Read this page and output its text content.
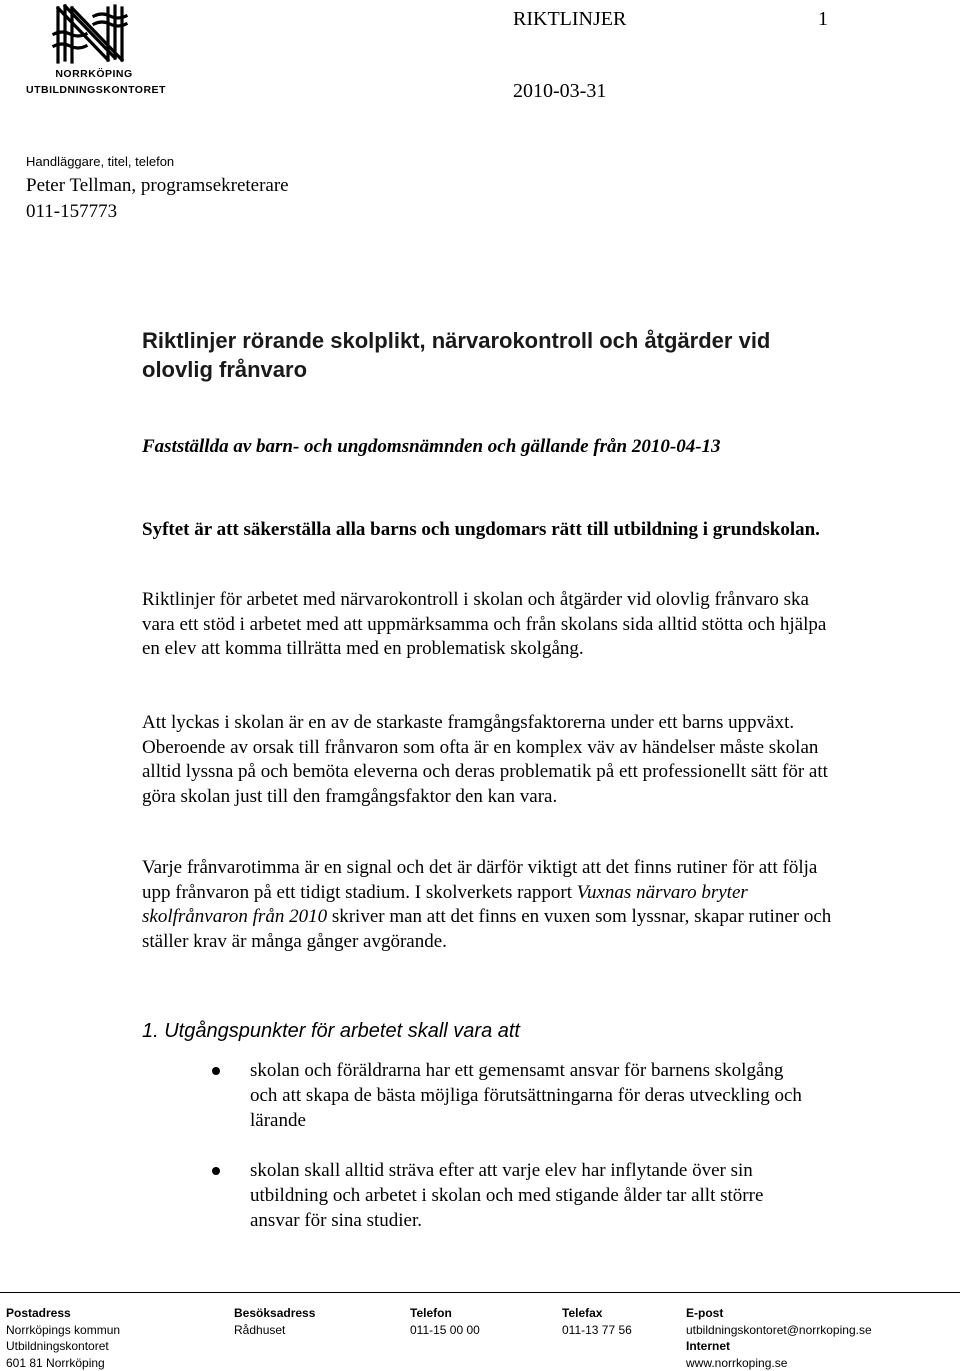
NORRKÖPING
UTBILDNINGSKONTORET
RIKTLINJER	1
2010-03-31
Handläggare, titel, telefon
Peter Tellman, programsekreterare
011-157773
Riktlinjer rörande skolplikt, närvarokontroll och åtgärder vid olovlig frånvaro
Fastställda av barn- och ungdomsnämnden och gällande från 2010-04-13
Syftet är att säkerställa alla barns och ungdomars rätt till utbildning i grundskolan.
Riktlinjer för arbetet med närvarokontroll i skolan och åtgärder vid olovlig frånvaro ska vara ett stöd i arbetet med att uppmärksamma och från skolans sida alltid stötta och hjälpa en elev att komma tillrätta med en problematisk skolgång.
Att lyckas i skolan är en av de starkaste framgångsfaktorerna under ett barns uppväxt. Oberoende av orsak till frånvaron som ofta är en komplex väv av händelser måste skolan alltid lyssna på och bemöta eleverna och deras problematik på ett professionellt sätt för att göra skolan just till den framgångsfaktor den kan vara.
Varje frånvarotimma är en signal och det är därför viktigt att det finns rutiner för att följa upp frånvaron på ett tidigt stadium. I skolverkets rapport Vuxnas närvaro bryter skolfrånvaron från 2010 skriver man att det finns en vuxen som lyssnar, skapar rutiner och ställer krav är många gånger avgörande.
1. Utgångspunkter för arbetet skall vara att
skolan och föräldrarna har ett gemensamt ansvar för barnens skolgång och att skapa de bästa möjliga förutsättningarna för deras utveckling och lärande
skolan skall alltid sträva efter att varje elev har inflytande över sin utbildning och arbetet i skolan och med stigande ålder tar allt större ansvar för sina studier.
Postadress
Norrköpings kommun
Utbildningskontoret
601 81 Norrköping
Besöksadress
Rådhuset
Telefon
011-15 00 00
Telefax
011-13 77 56
E-post
utbildningskontoret@norrkoping.se
Internet
www.norrkoping.se
